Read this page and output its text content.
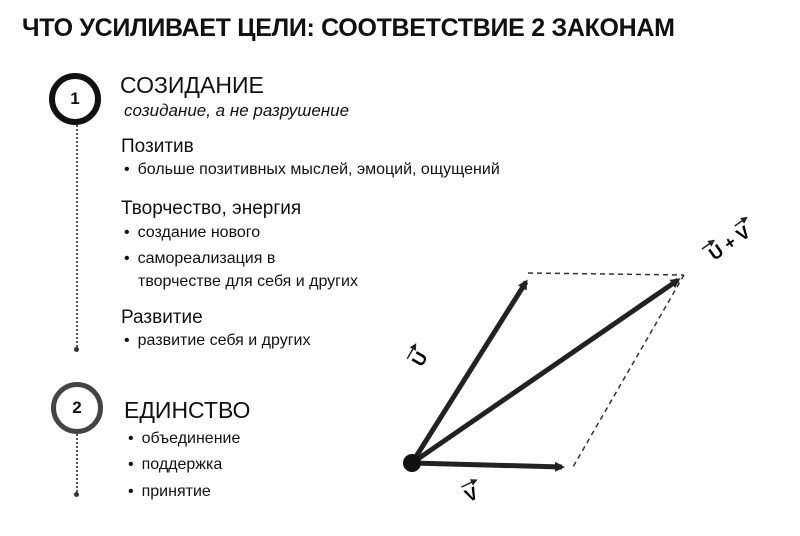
ЧТО УСИЛИВАЕТ ЦЕЛИ: СООТВЕТСТВИЕ 2 ЗАКОНАМ
1
СОЗИДАНИЕ
созидание, а не разрушение
Позитив
• больше позитивных мыслей, эмоций, ощущений
Творчество, энергия
• создание нового
• самореализация в
творчестве для себя и других
Развитие
• развитие себя и других
2 ЕДИНСТВО
• объединение
• поддержка
• принятие
U
V
U + V
